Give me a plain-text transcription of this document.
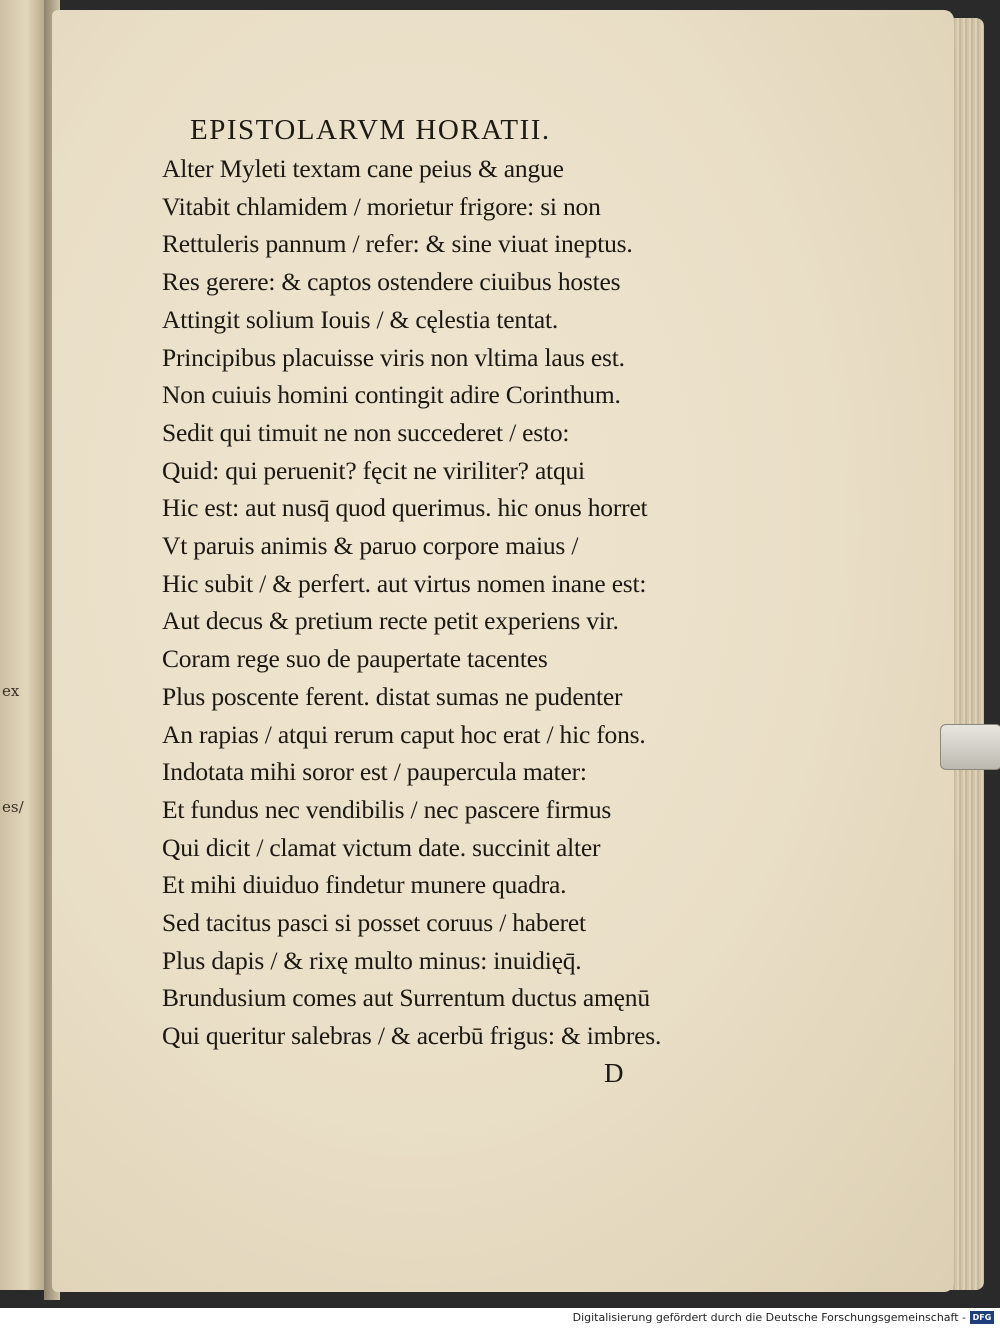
ex
es/
EPISTOLARVM HORATII.
Alter Myleti textam cane peius & angue
Vitabit chlamidem / morietur frigore: si non
Rettuleris pannum / refer: & sine viuat ineptus.
Res gerere: & captos ostendere ciuibus hostes
Attingit solium Iouis / & cęlestia tentat.
Principibus placuisse viris non vltima laus est.
Non cuiuis homini contingit adire Corinthum.
Sedit qui timuit ne non succederet / esto:
Quid: qui peruenit? fęcit ne viriliter? atqui
Hic est: aut nusq̄ quod querimus. hic onus horret
Vt paruis animis & paruo corpore maius /
Hic subit / & perfert. aut virtus nomen inane est:
Aut decus & pretium recte petit experiens vir.
Coram rege suo de paupertate tacentes
Plus poscente ferent. distat sumas ne pudenter
An rapias / atqui rerum caput hoc erat / hic fons.
Indotata mihi soror est / paupercula mater:
Et fundus nec vendibilis / nec pascere firmus
Qui dicit / clamat victum date. succinit alter
Et mihi diuiduo findetur munere quadra.
Sed tacitus pasci si posset coruus / haberet
Plus dapis / & rixę multo minus: inuidięq̄.
Brundusium comes aut Surrentum ductus amęnū
Qui queritur salebras / & acerbū frigus: & imbres.
D
Digitalisierung gefördert durch die Deutsche Forschungsgemeinschaft - DFG
